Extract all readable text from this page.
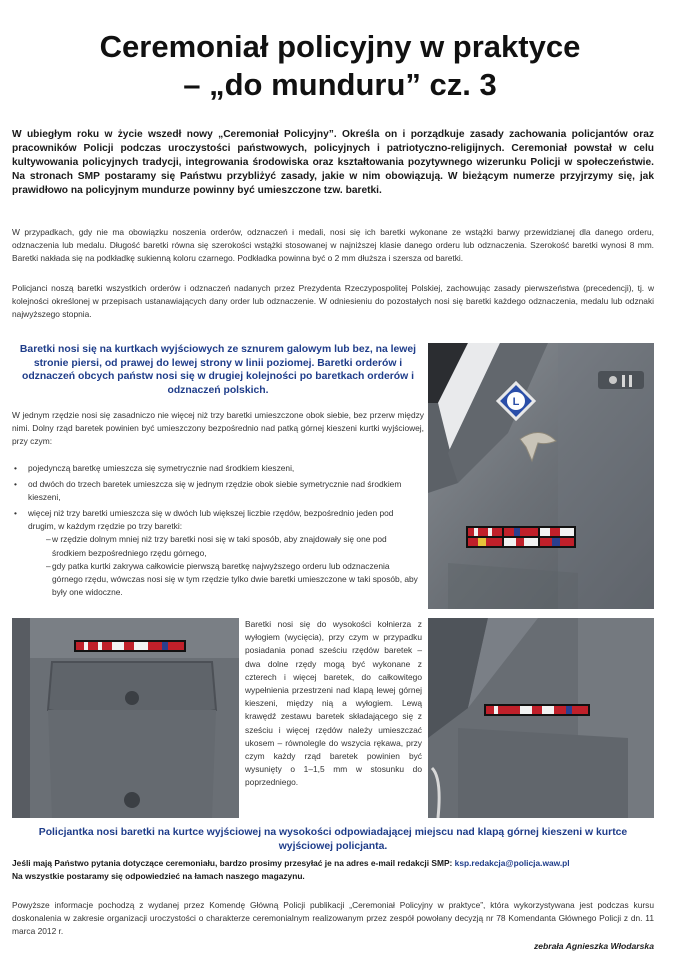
Ceremoniał policyjny w praktyce
– „do munduru” cz. 3
W ubiegłym roku w życie wszedł nowy „Ceremoniał Policyjny”. Określa on i porządkuje zasady zachowania policjantów oraz pracowników Policji podczas uroczystości państwowych, policyjnych i patriotyczno-religijnych. Ceremoniał powstał w celu kultywowania policyjnych tradycji, integrowania środowiska oraz kształtowania pozytywnego wizerunku Policji w społeczeństwie. Na stronach SMP postaramy się Państwu przybliżyć zasady, jakie w nim obowiązują. W bieżącym numerze przyjrzymy się, jak prawidłowo na policyjnym mundurze powinny być umieszczone tzw. baretki.
W przypadkach, gdy nie ma obowiązku noszenia orderów, odznaczeń i medali, nosi się ich baretki wykonane ze wstążki barwy przewidzianej dla danego orderu, odznaczenia lub medalu. Długość baretki równa się szerokości wstążki stosowanej w najniższej klasie danego orderu lub odznaczenia. Szerokość baretki wynosi 8 mm. Baretki nakłada się na podkładkę sukienną koloru czarnego. Podkładka powinna być o 2 mm dłuższa i szersza od baretki.
Policjanci noszą baretki wszystkich orderów i odznaczeń nadanych przez Prezydenta Rzeczypospolitej Polskiej, zachowując zasady pierwszeństwa (precedencji), tj. w kolejności określonej w przepisach ustanawiających dany order lub odznaczenie. W odniesieniu do pozostałych nosi się baretki każdego odznaczenia, medalu lub odznaki najwyższego stopnia.
Baretki nosi się na kurtkach wyjściowych ze sznurem galowym lub bez, na lewej stronie piersi, od prawej do lewej strony w linii poziomej. Baretki orderów i odznaczeń obcych państw nosi się w drugiej kolejności po baretkach orderów i odznaczeń polskich.
W jednym rzędzie nosi się zasadniczo nie więcej niż trzy baretki umieszczone obok siebie, bez przerw między nimi. Dolny rząd baretek powinien być umieszczony bezpośrednio nad patką górnej kieszeni kurtki wyjściowej, przy czym:
• pojedynczą baretkę umieszcza się symetrycznie nad środkiem kieszeni,
• od dwóch do trzech baretek umieszcza się w jednym rzędzie obok siebie symetrycznie nad środkiem kieszeni,
• więcej niż trzy baretki umieszcza się w dwóch lub większej liczbie rzędów, bezpośrednio jeden pod drugim, w każdym rzędzie po trzy baretki:
– w rzędzie dolnym mniej niż trzy baretki nosi się w taki sposób, aby znajdowały się one pod środkiem bezpośredniego rzędu górnego,
– gdy patka kurtki zakrywa całkowicie pierwszą baretkę najwyższego orderu lub odznaczenia górnego rzędu, wówczas nosi się w tym rzędzie tylko dwie baretki umieszczone w taki sposób, aby były one widoczne.
L
Baretki nosi się do wysokości kołnierza z wyłogiem (wycięcia), przy czym w przypadku posiadania ponad sześciu rzędów baretek – dwa dolne rzędy mogą być wykonane z czterech i więcej baretek, do całkowitego wypełnienia przestrzeni nad klapą lewej górnej kieszeni, między nią a wyłogiem. Lewą krawędź zestawu baretek składającego się z sześciu i więcej rzędów należy umieszczać ukosem – równolegle do wszycia rękawa, przy czym każdy rząd baretek powinien być wysunięty o 1–1,5 mm w stosunku do poprzedniego.
Policjantka nosi baretki na kurtce wyjściowej na wysokości odpowiadającej miejscu nad klapą górnej kieszeni w kurtce wyjściowej policjanta.
Jeśli mają Państwo pytania dotyczące ceremoniału, bardzo prosimy przesyłać je na adres e-mail redakcji SMP: ksp.redakcja@policja.waw.pl
Na wszystkie postaramy się odpowiedzieć na łamach naszego magazynu.
Powyższe informacje pochodzą z wydanej przez Komendę Główną Policji publikacji „Ceremoniał Policyjny w praktyce”, która wykorzystywana jest podczas kursu doskonalenia w zakresie organizacji uroczystości o charakterze ceremonialnym realizowanym przez zespół powołany decyzją nr 78 Komendanta Głównego Policji z dn. 11 marca 2012 r.
zebrała Agnieszka Włodarska
